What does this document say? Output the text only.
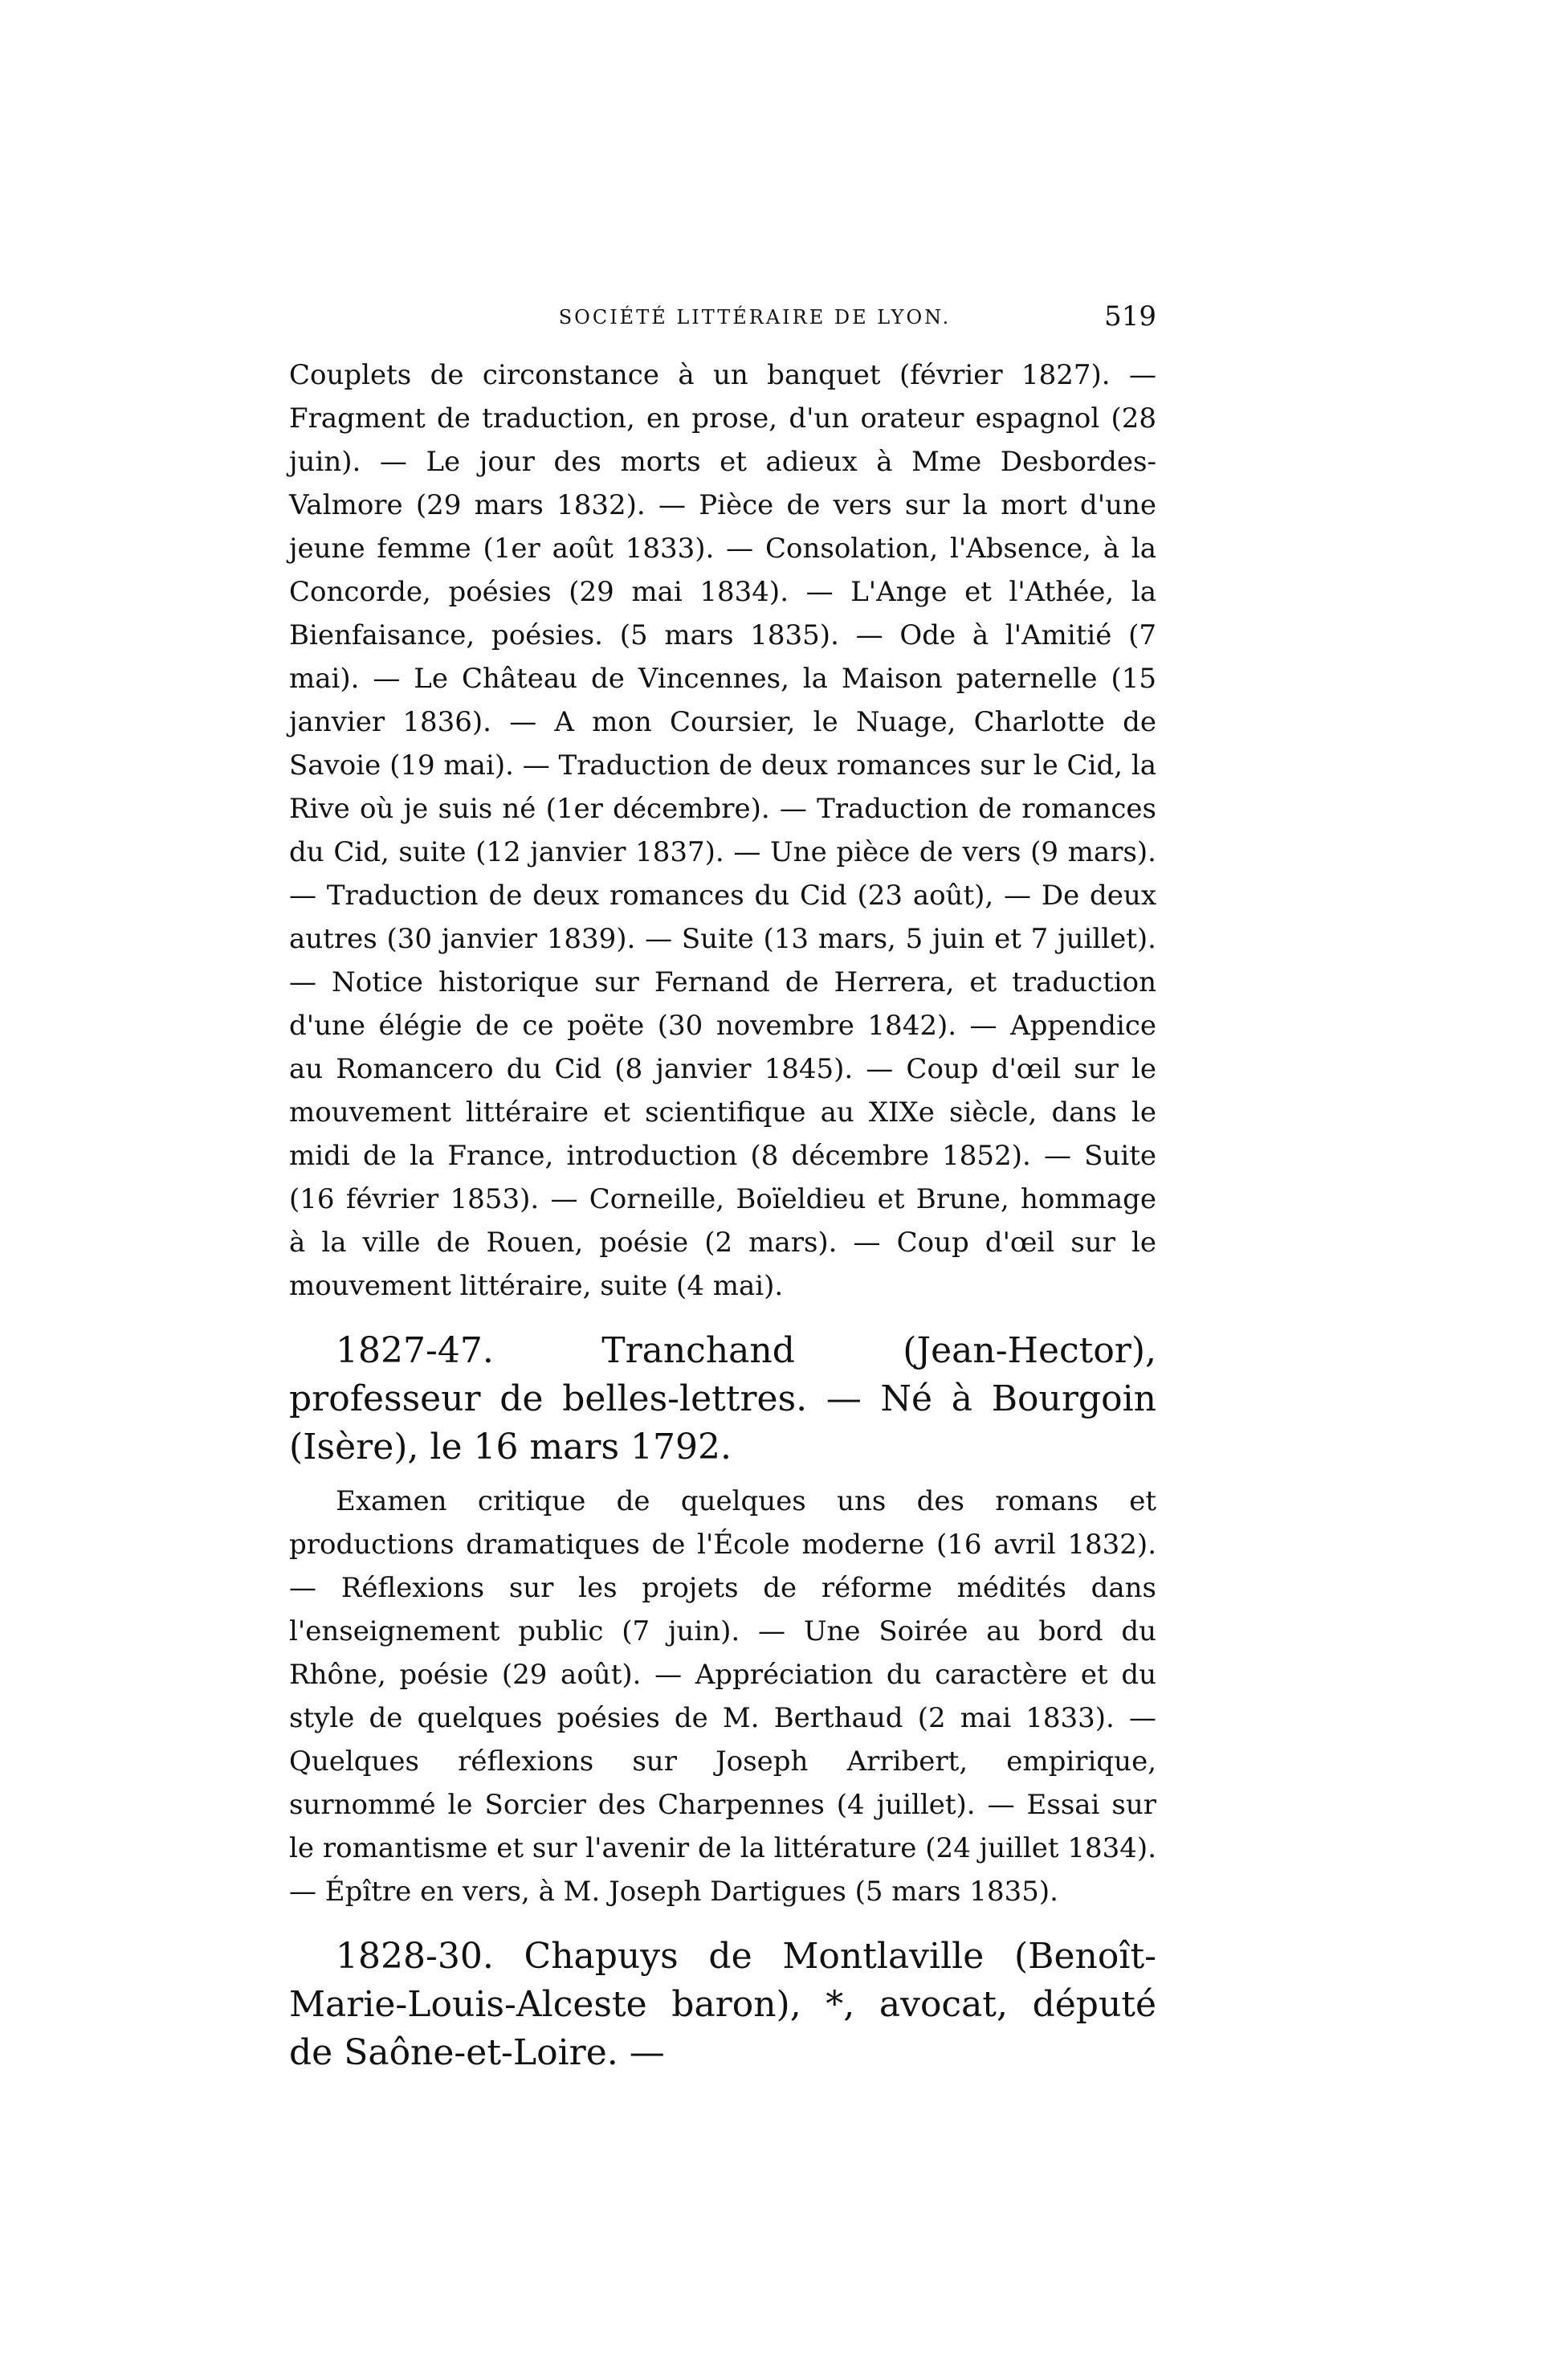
SOCIÉTÉ LITTÉRAIRE DE LYON.	519

Couplets de circonstance à un banquet (février 1827). — Fragment de traduction, en prose, d'un orateur espagnol (28 juin). — Le jour des morts et adieux à Mme Desbordes-Valmore (29 mars 1832). — Pièce de vers sur la mort d'une jeune femme (1er août 1833). — Consolation, l'Absence, à la Concorde, poésies (29 mai 1834). — L'Ange et l'Athée, la Bienfaisance, poésies. (5 mars 1835). — Ode à l'Amitié (7 mai). — Le Château de Vincennes, la Maison paternelle (15 janvier 1836). — A mon Coursier, le Nuage, Charlotte de Savoie (19 mai). — Traduction de deux romances sur le Cid, la Rive où je suis né (1er décembre). — Traduction de romances du Cid, suite (12 janvier 1837). — Une pièce de vers (9 mars). — Traduction de deux romances du Cid (23 août), — De deux autres (30 janvier 1839). — Suite (13 mars, 5 juin et 7 juillet). — Notice historique sur Fernand de Herrera, et traduction d'une élégie de ce poëte (30 novembre 1842). — Appendice au Romancero du Cid (8 janvier 1845). — Coup d'œil sur le mouvement littéraire et scientifique au XIXe siècle, dans le midi de la France, introduction (8 décembre 1852). — Suite (16 février 1853). — Corneille, Boïeldieu et Brune, hommage à la ville de Rouen, poésie (2 mars). — Coup d'œil sur le mouvement littéraire, suite (4 mai).

1827-47. Tranchand (Jean-Hector), professeur de belles-lettres. — Né à Bourgoin (Isère), le 16 mars 1792.

Examen critique de quelques uns des romans et productions dramatiques de l'École moderne (16 avril 1832). — Réflexions sur les projets de réforme médités dans l'enseignement public (7 juin). — Une Soirée au bord du Rhône, poésie (29 août). — Appréciation du caractère et du style de quelques poésies de M. Berthaud (2 mai 1833). — Quelques réflexions sur Joseph Arribert, empirique, surnommé le Sorcier des Charpennes (4 juillet). — Essai sur le romantisme et sur l'avenir de la littérature (24 juillet 1834). — Épître en vers, à M. Joseph Dartigues (5 mars 1835).

1828-30. Chapuys de Montlaville (Benoît-Marie-Louis-Alceste baron), *, avocat, député de Saône-et-Loire. —
